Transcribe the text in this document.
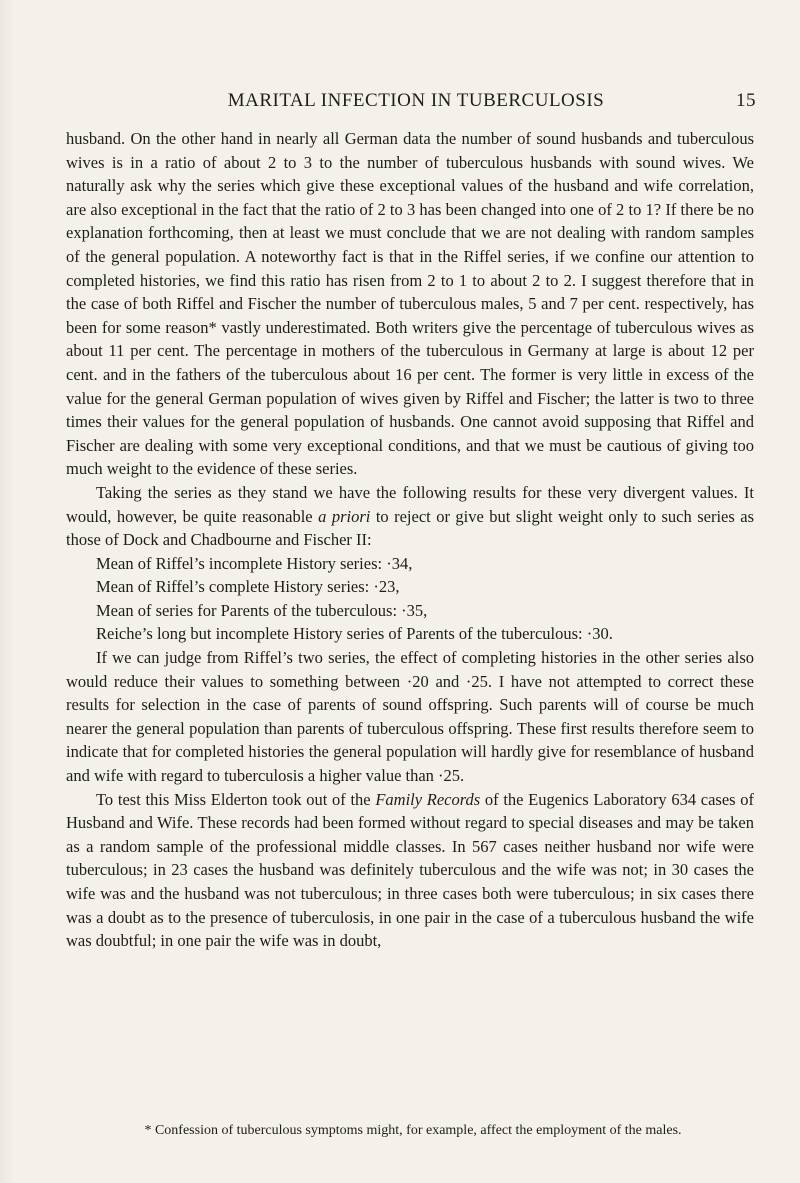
MARITAL INFECTION IN TUBERCULOSIS	15

husband. On the other hand in nearly all German data the number of sound husbands and tuberculous wives is in a ratio of about 2 to 3 to the number of tuberculous husbands with sound wives. We naturally ask why the series which give these exceptional values of the husband and wife correlation, are also exceptional in the fact that the ratio of 2 to 3 has been changed into one of 2 to 1? If there be no explanation forthcoming, then at least we must conclude that we are not dealing with random samples of the general population. A noteworthy fact is that in the Riffel series, if we confine our attention to completed histories, we find this ratio has risen from 2 to 1 to about 2 to 2. I suggest therefore that in the case of both Riffel and Fischer the number of tuberculous males, 5 and 7 per cent. respectively, has been for some reason* vastly underestimated. Both writers give the percentage of tuberculous wives as about 11 per cent. The percentage in mothers of the tuberculous in Germany at large is about 12 per cent. and in the fathers of the tuberculous about 16 per cent. The former is very little in excess of the value for the general German population of wives given by Riffel and Fischer; the latter is two to three times their values for the general population of husbands. One cannot avoid supposing that Riffel and Fischer are dealing with some very exceptional conditions, and that we must be cautious of giving too much weight to the evidence of these series.

Taking the series as they stand we have the following results for these very divergent values. It would, however, be quite reasonable a priori to reject or give but slight weight only to such series as those of Dock and Chadbourne and Fischer II:

Mean of Riffel’s incomplete History series: ·34,
Mean of Riffel’s complete History series: ·23,
Mean of series for Parents of the tuberculous: ·35,
Reiche’s long but incomplete History series of Parents of the tuberculous: ·30.

If we can judge from Riffel’s two series, the effect of completing histories in the other series also would reduce their values to something between ·20 and ·25. I have not attempted to correct these results for selection in the case of parents of sound offspring. Such parents will of course be much nearer the general population than parents of tuberculous offspring. These first results therefore seem to indicate that for completed histories the general population will hardly give for resemblance of husband and wife with regard to tuberculosis a higher value than ·25.

To test this Miss Elderton took out of the Family Records of the Eugenics Laboratory 634 cases of Husband and Wife. These records had been formed without regard to special diseases and may be taken as a random sample of the professional middle classes. In 567 cases neither husband nor wife were tuberculous; in 23 cases the husband was definitely tuberculous and the wife was not; in 30 cases the wife was and the husband was not tuberculous; in three cases both were tuberculous; in six cases there was a doubt as to the presence of tuberculosis, in one pair in the case of a tuberculous husband the wife was doubtful; in one pair the wife was in doubt,

* Confession of tuberculous symptoms might, for example, affect the employment of the males.
